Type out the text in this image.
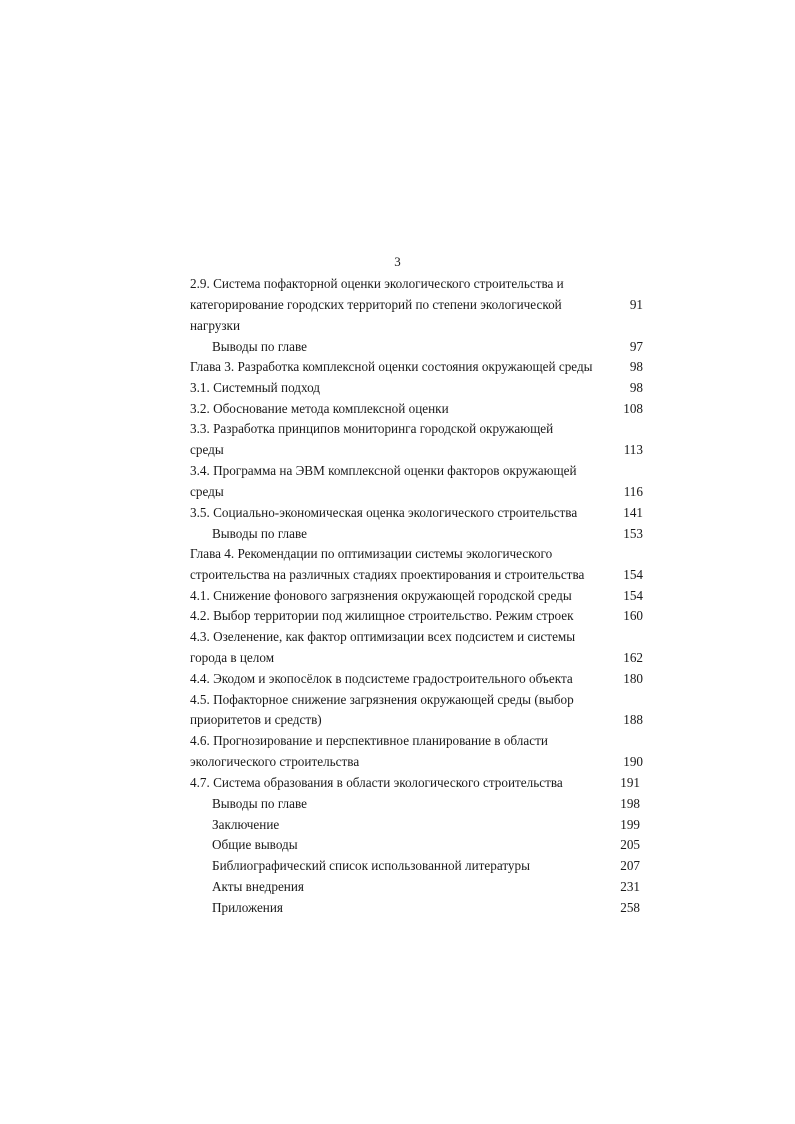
3
2.9. Система пофакторной оценки экологического строительства и
категорирование городских территорий по степени экологической
нагрузки
91
Выводы по главе	97
Глава 3. Разработка комплексной оценки состояния окружающей среды	98
3.1. Системный подход	98
3.2. Обоснование метода комплексной оценки	108
3.3. Разработка принципов мониторинга городской окружающей
среды	113
3.4. Программа на ЭВМ комплексной оценки факторов окружающей
среды	116
3.5. Социально-экономическая оценка экологического строительства	141
Выводы по главе	153
Глава 4. Рекомендации по оптимизации системы экологического
строительства на различных стадиях проектирования и строительства	154
4.1. Снижение фонового загрязнения окружающей городской среды	154
4.2. Выбор территории под жилищное строительство. Режим строек	160
4.3. Озеленение, как фактор оптимизации всех подсистем и системы
города в целом	162
4.4. Экодом и экопосёлок в подсистеме градостроительного объекта	180
4.5. Пофакторное снижение загрязнения окружающей среды (выбор
приоритетов и средств)	188
4.6. Прогнозирование и перспективное планирование в области
экологического строительства	190
4.7. Система образования в области экологического строительства	191
Выводы по главе	198
Заключение	199
Общие выводы	205
Библиографический список использованной литературы	207
Акты внедрения	231
Приложения	258
